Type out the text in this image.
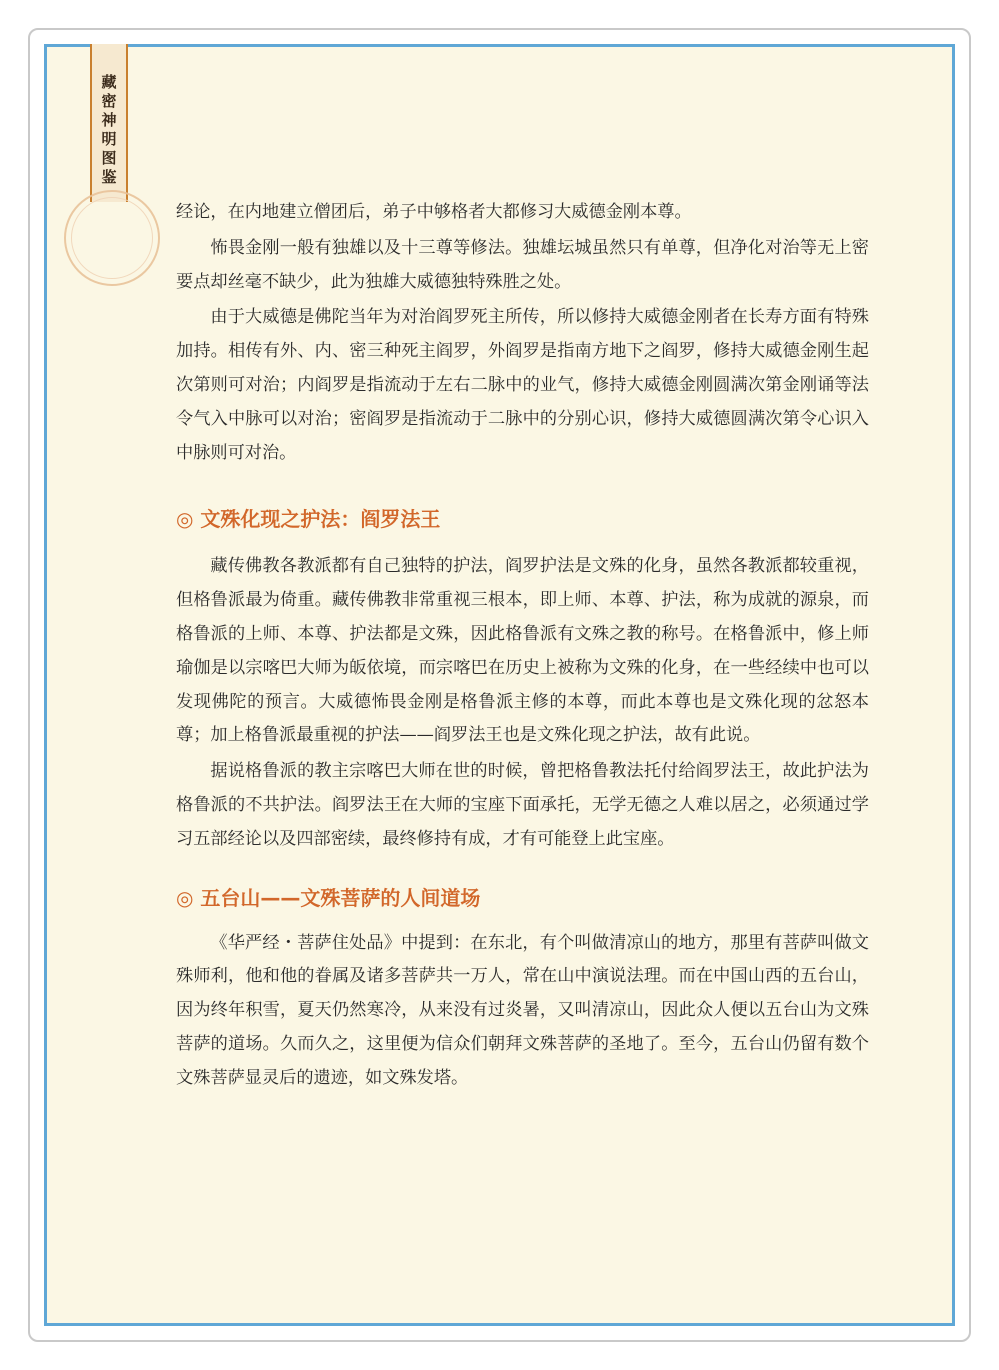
藏密神明图鉴

经论，在内地建立僧团后，弟子中够格者大都修习大威德金刚本尊。

怖畏金刚一般有独雄以及十三尊等修法。独雄坛城虽然只有单尊，但净化对治等无上密要点却丝毫不缺少，此为独雄大威德独特殊胜之处。

由于大威德是佛陀当年为对治阎罗死主所传，所以修持大威德金刚者在长寿方面有特殊加持。相传有外、内、密三种死主阎罗，外阎罗是指南方地下之阎罗，修持大威德金刚生起次第则可对治；内阎罗是指流动于左右二脉中的业气，修持大威德金刚圆满次第金刚诵等法令气入中脉可以对治；密阎罗是指流动于二脉中的分别心识，修持大威德圆满次第令心识入中脉则可对治。

◎ 文殊化现之护法：阎罗法王

藏传佛教各教派都有自己独特的护法，阎罗护法是文殊的化身，虽然各教派都较重视，但格鲁派最为倚重。藏传佛教非常重视三根本，即上师、本尊、护法，称为成就的源泉，而格鲁派的上师、本尊、护法都是文殊，因此格鲁派有文殊之教的称号。在格鲁派中，修上师瑜伽是以宗喀巴大师为皈依境，而宗喀巴在历史上被称为文殊的化身，在一些经续中也可以发现佛陀的预言。大威德怖畏金刚是格鲁派主修的本尊，而此本尊也是文殊化现的忿怒本尊；加上格鲁派最重视的护法——阎罗法王也是文殊化现之护法，故有此说。

据说格鲁派的教主宗喀巴大师在世的时候，曾把格鲁教法托付给阎罗法王，故此护法为格鲁派的不共护法。阎罗法王在大师的宝座下面承托，无学无德之人难以居之，必须通过学习五部经论以及四部密续，最终修持有成，才有可能登上此宝座。

◎ 五台山——文殊菩萨的人间道场

《华严经・菩萨住处品》中提到：在东北，有个叫做清凉山的地方，那里有菩萨叫做文殊师利，他和他的眷属及诸多菩萨共一万人，常在山中演说法理。而在中国山西的五台山，因为终年积雪，夏天仍然寒冷，从来没有过炎暑，又叫清凉山，因此众人便以五台山为文殊菩萨的道场。久而久之，这里便为信众们朝拜文殊菩萨的圣地了。至今，五台山仍留有数个文殊菩萨显灵后的遗迹，如文殊发塔。
